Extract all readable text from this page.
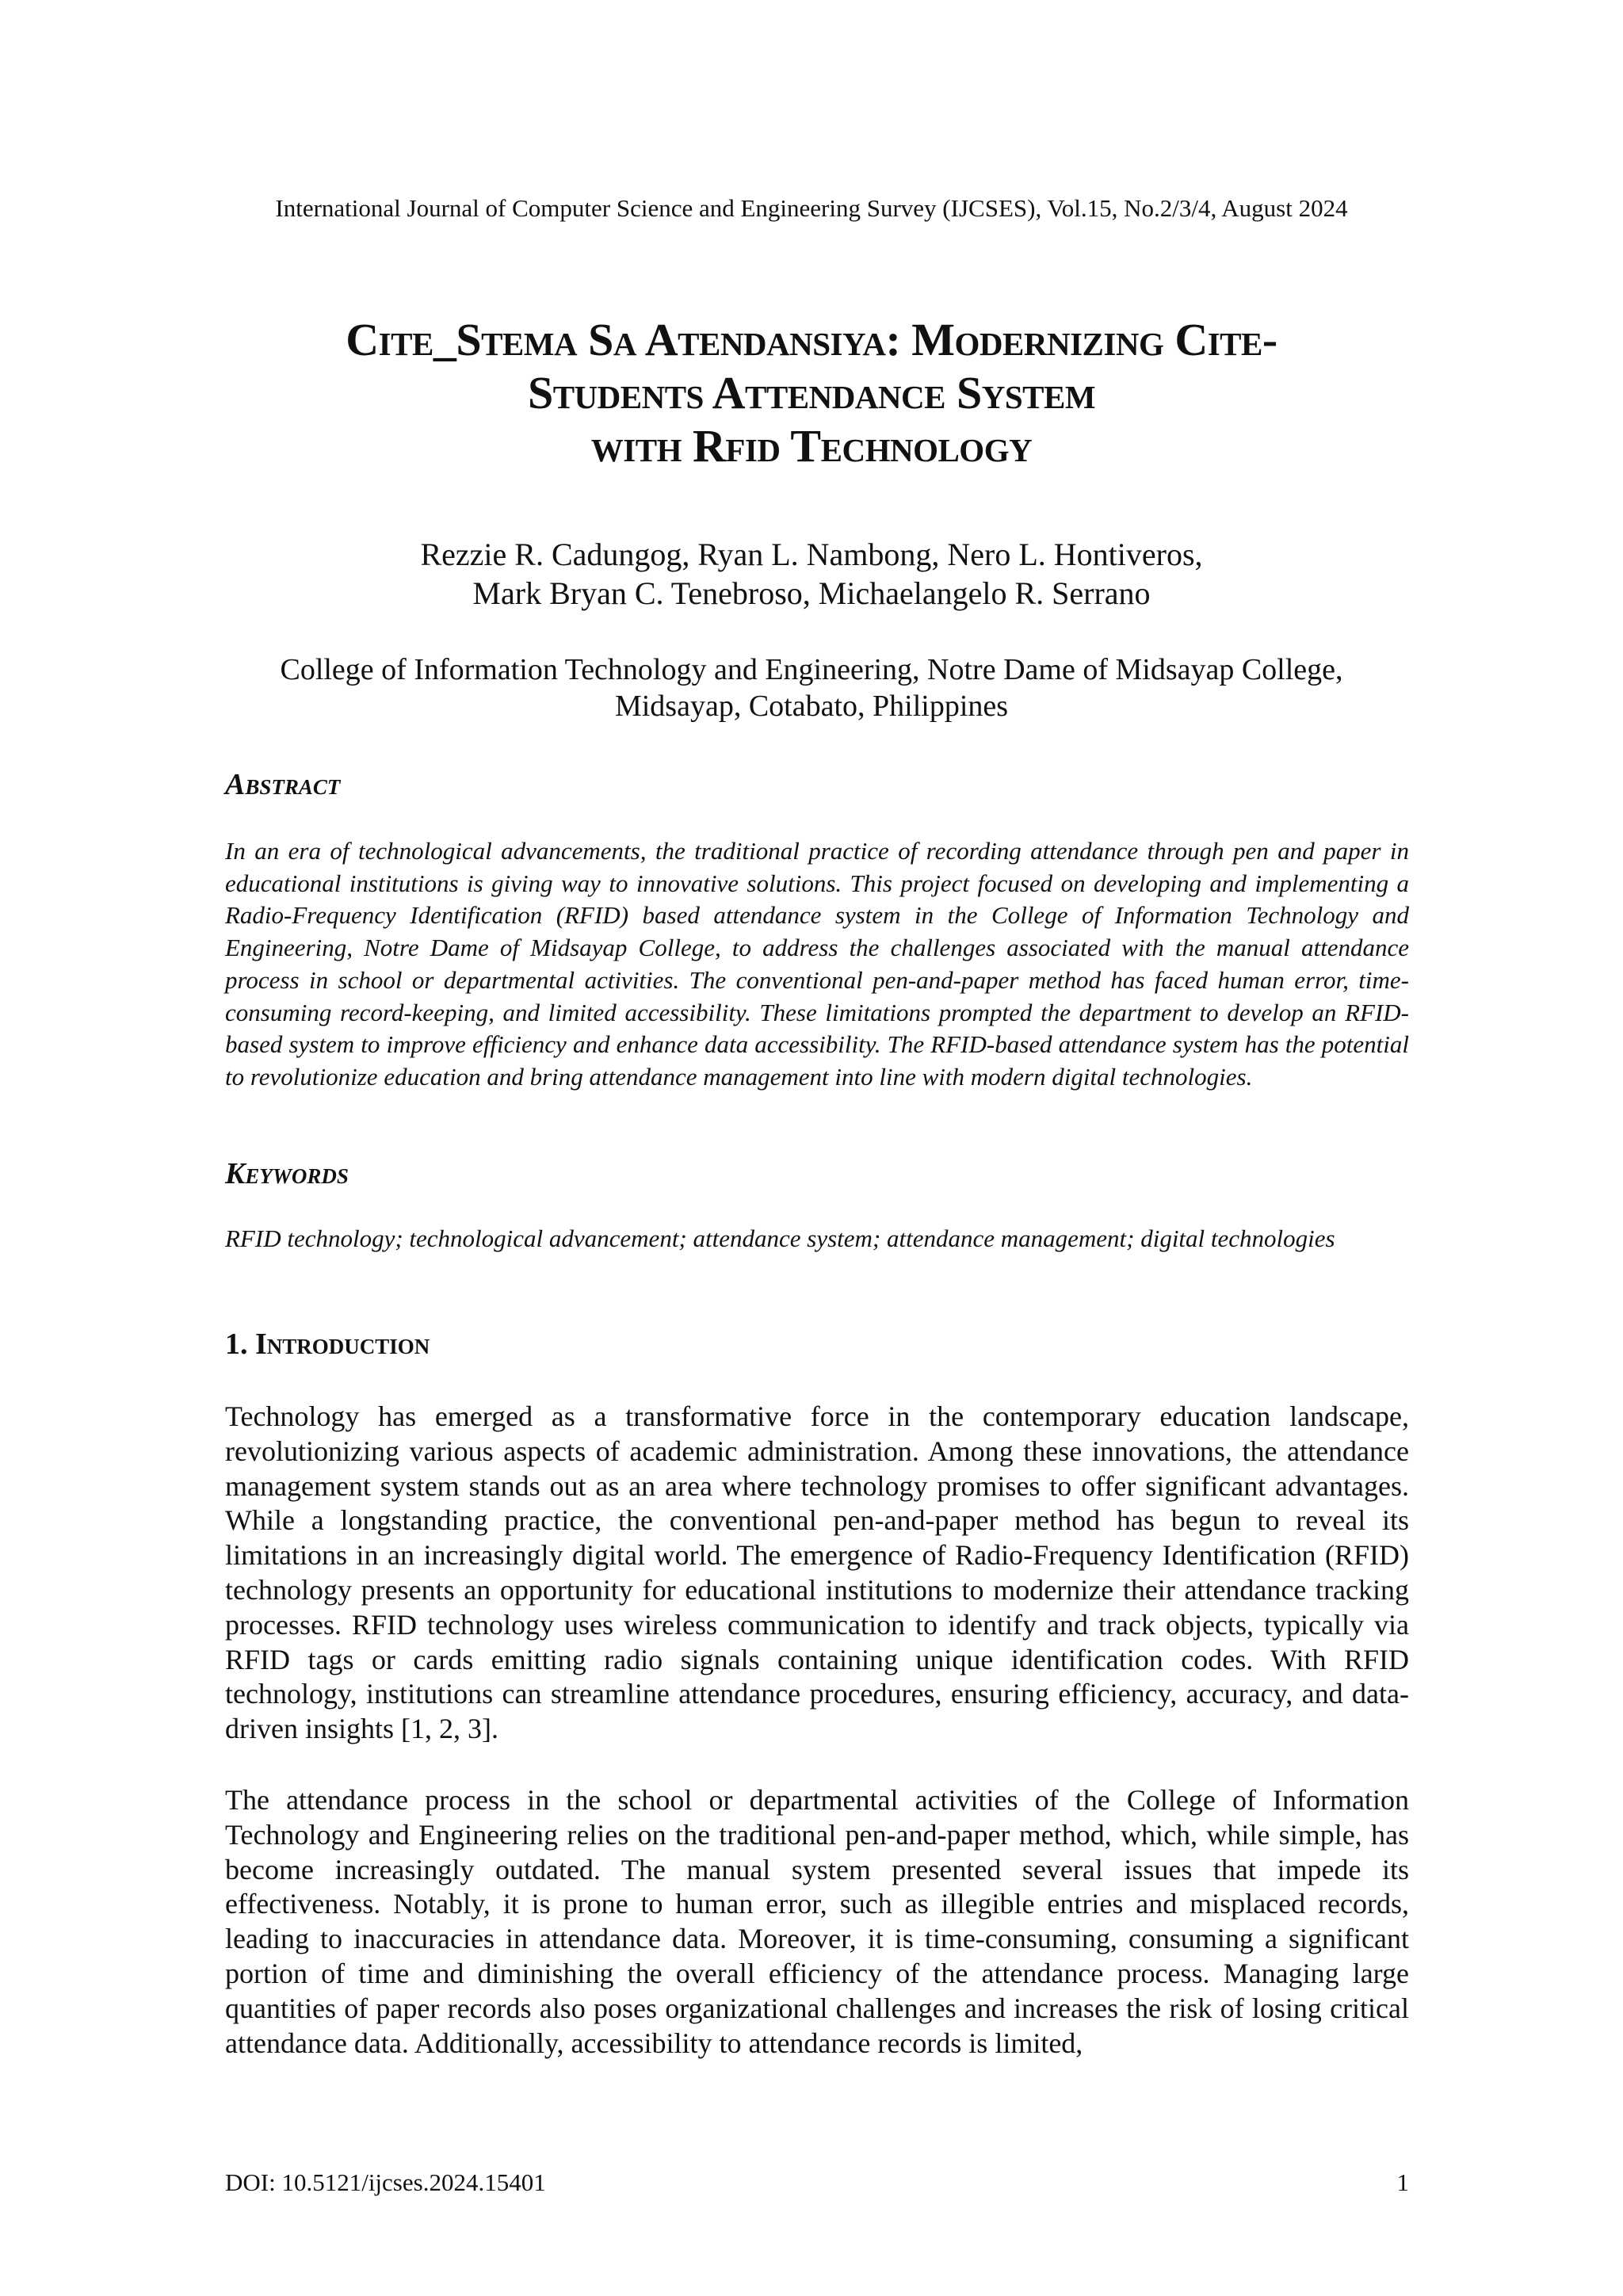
International Journal of Computer Science and Engineering Survey (IJCSES), Vol.15, No.2/3/4, August 2024
Cite_Stema Sa Atendansiya: Modernizing Cite-
Students Attendance System
with Rfid Technology
Rezzie R. Cadungog, Ryan L. Nambong, Nero L. Hontiveros,
Mark Bryan C. Tenebroso, Michaelangelo R. Serrano
College of Information Technology and Engineering, Notre Dame of Midsayap College,
Midsayap, Cotabato, Philippines
Abstract

In an era of technological advancements, the traditional practice of recording attendance through pen and paper in educational institutions is giving way to innovative solutions. This project focused on developing and implementing a Radio-Frequency Identification (RFID) based attendance system in the College of Information Technology and Engineering, Notre Dame of Midsayap College, to address the challenges associated with the manual attendance process in school or departmental activities. The conventional pen-and-paper method has faced human error, time-consuming record-keeping, and limited accessibility. These limitations prompted the department to develop an RFID-based system to improve efficiency and enhance data accessibility. The RFID-based attendance system has the potential to revolutionize education and bring attendance management into line with modern digital technologies.

Keywords

RFID technology; technological advancement; attendance system; attendance management; digital technologies

1. Introduction

Technology has emerged as a transformative force in the contemporary education landscape, revolutionizing various aspects of academic administration. Among these innovations, the attendance management system stands out as an area where technology promises to offer significant advantages. While a longstanding practice, the conventional pen-and-paper method has begun to reveal its limitations in an increasingly digital world. The emergence of Radio-Frequency Identification (RFID) technology presents an opportunity for educational institutions to modernize their attendance tracking processes. RFID technology uses wireless communication to identify and track objects, typically via RFID tags or cards emitting radio signals containing unique identification codes. With RFID technology, institutions can streamline attendance procedures, ensuring efficiency, accuracy, and data-driven insights [1, 2, 3].

The attendance process in the school or departmental activities of the College of Information Technology and Engineering relies on the traditional pen-and-paper method, which, while simple, has become increasingly outdated. The manual system presented several issues that impede its effectiveness. Notably, it is prone to human error, such as illegible entries and misplaced records, leading to inaccuracies in attendance data. Moreover, it is time-consuming, consuming a significant portion of time and diminishing the overall efficiency of the attendance process. Managing large quantities of paper records also poses organizational challenges and increases the risk of losing critical attendance data. Additionally, accessibility to attendance records is limited,

DOI: 10.5121/ijcses.2024.15401	1
